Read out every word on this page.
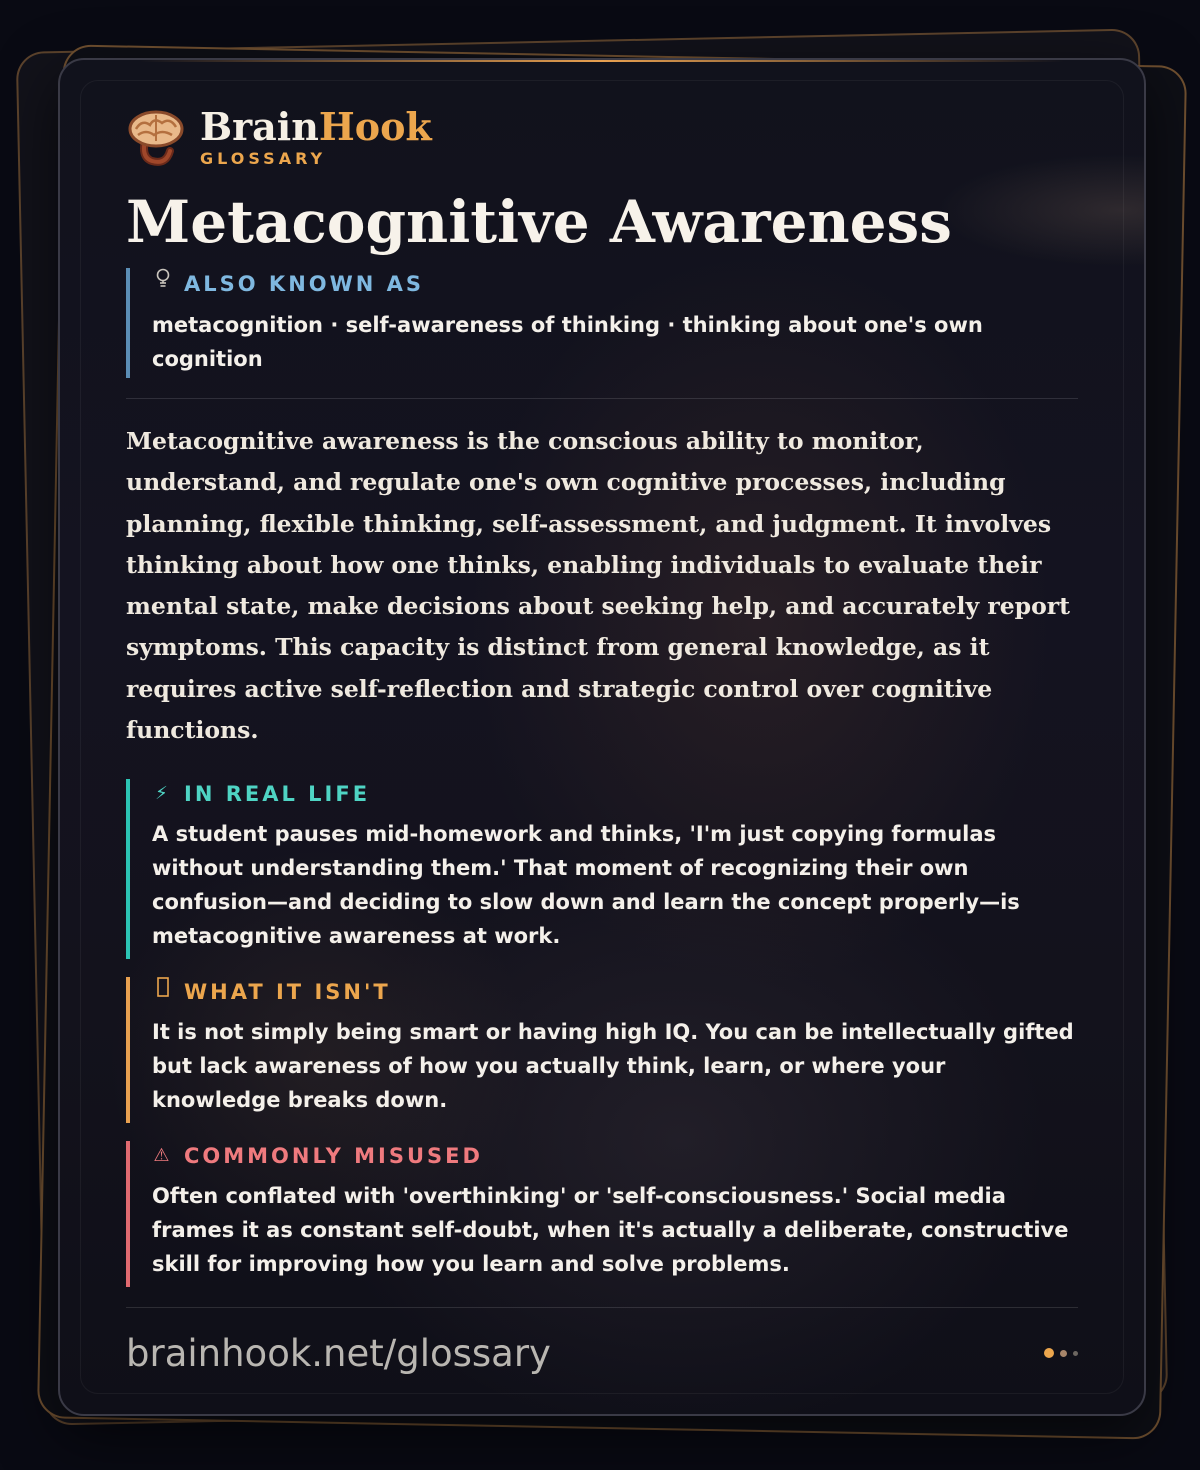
BrainHook
GLOSSARY
Metacognitive Awareness
ALSO KNOWN AS
metacognition · self-awareness of thinking · thinking about one's own cognition

Metacognitive awareness is the conscious ability to monitor, understand, and regulate one's own cognitive processes, including planning, flexible thinking, self-assessment, and judgment. It involves thinking about how one thinks, enabling individuals to evaluate their mental state, make decisions about seeking help, and accurately report symptoms. This capacity is distinct from general knowledge, as it requires active self-reflection and strategic control over cognitive functions.

⚡ IN REAL LIFE
A student pauses mid-homework and thinks, 'I'm just copying formulas without understanding them.' That moment of recognizing their own confusion—and deciding to slow down and learn the concept properly—is metacognitive awareness at work.
WHAT IT ISN'T
It is not simply being smart or having high IQ. You can be intellectually gifted but lack awareness of how you actually think, learn, or where your knowledge breaks down.
⚠ COMMONLY MISUSED
Often conflated with 'overthinking' or 'self-consciousness.' Social media frames it as constant self-doubt, when it's actually a deliberate, constructive skill for improving how you learn and solve problems.
brainhook.net/glossary
